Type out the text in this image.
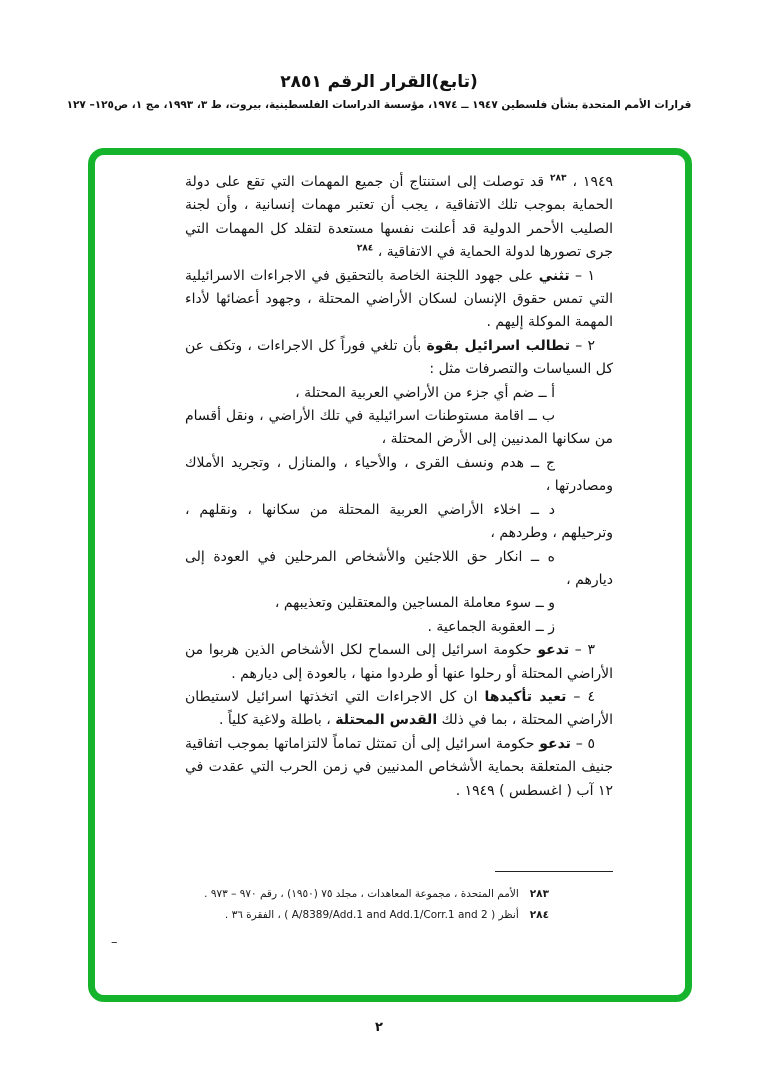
(تابع)القرار الرقم ٢٨٥١
قرارات الأمم المتحدة بشأن فلسطين ١٩٤٧ ــ ١٩٧٤، مؤسسة الدراسات الفلسطينية، بيروت، ط ٣، ١٩٩٣، مج ١، ص١٢٥– ١٢٧

١٩٤٩ ، $^{٢٨٣}$ قد توصلت إلى استنتاج أن جميع المهمات التي تقع على دولة الحماية بموجب تلك الاتفاقية ، يجب أن تعتبر مهمات إنسانية ، وأن لجنة الصليب الأحمر الدولية قد أعلنت نفسها مستعدة لتقلد كل المهمات التي جرى تصورها لدولة الحماية في الاتفاقية ، $^{٢٨٤}$

١ – تثني على جهود اللجنة الخاصة بالتحقيق في الاجراءات الاسرائيلية التي تمس حقوق الإنسان لسكان الأراضي المحتلة ، وجهود أعضائها لأداء المهمة الموكلة إليهم .

٢ – تطالب اسرائيل بقوة بأن تلغي فوراً كل الاجراءات ، وتكف عن كل السياسات والتصرفات مثل :

أ ــ ضم أي جزء من الأراضي العربية المحتلة ،

ب ــ اقامة مستوطنات اسرائيلية في تلك الأراضي ، ونقل أقسام من سكانها المدنيين إلى الأرض المحتلة ،

ج ــ هدم ونسف القرى ، والأحياء ، والمنازل ، وتجريد الأملاك ومصادرتها ،

د ــ اخلاء الأراضي العربية المحتلة من سكانها ، ونقلهم ، وترحيلهم ، وطردهم ،

ه ــ انكار حق اللاجئين والأشخاص المرحلين في العودة إلى ديارهم ،

و ــ سوء معاملة المساجين والمعتقلين وتعذيبهم ،

ز ــ العقوبة الجماعية .

٣ – تدعو حكومة اسرائيل إلى السماح لكل الأشخاص الذين هربوا من الأراضي المحتلة أو رحلوا عنها أو طردوا منها ، بالعودة إلى ديارهم .

٤ – تعيد تأكيدها ان كل الاجراءات التي اتخذتها اسرائيل لاستيطان الأراضي المحتلة ، بما في ذلك القدس المحتلة ، باطلة ولاغية كلياً .

٥ – تدعو حكومة اسرائيل إلى أن تمتثل تماماً لالتزاماتها بموجب اتفاقية جنيف المتعلقة بحماية الأشخاص المدنيين في زمن الحرب التي عقدت في ١٢ آب ( اغسطس ) ١٩٤٩ .

٢٨٣
الأمم المتحدة ، مجموعة المعاهدات ، مجلد ٧٥ (١٩٥٠) ، رقم ٩٧٠ – ٩٧٣ .
٢٨٤
أنظر ( A/8389/Add.1 and Add.1/Corr.1 and 2 ) ، الفقرة ٣٦ .
–
٢
